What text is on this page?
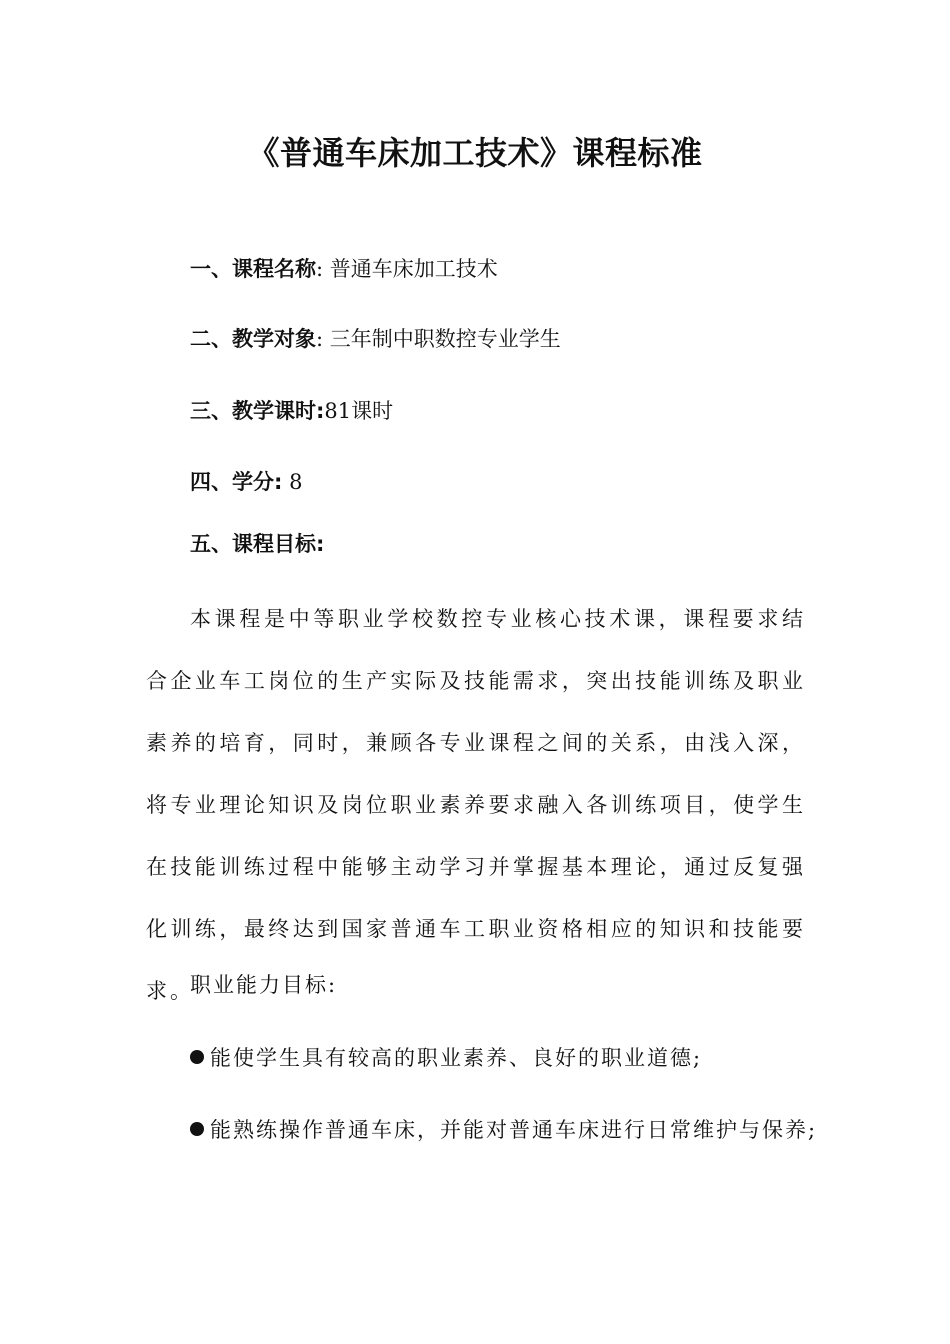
《普通车床加工技术》课程标准
一、课程名称: 普通车床加工技术
二、教学对象: 三年制中职数控专业学生
三、教学课时:81课时
四、学分: 8
五、课程目标:
本课程是中等职业学校数控专业核心技术课，课程要求结合企业车工岗位的生产实际及技能需求，突出技能训练及职业素养的培育，同时，兼顾各专业课程之间的关系，由浅入深，将专业理论知识及岗位职业素养要求融入各训练项目，使学生在技能训练过程中能够主动学习并掌握基本理论，通过反复强化训练，最终达到国家普通车工职业资格相应的知识和技能要求。
职业能力目标:
能使学生具有较高的职业素养、良好的职业道德;
能熟练操作普通车床，并能对普通车床进行日常维护与保养;
